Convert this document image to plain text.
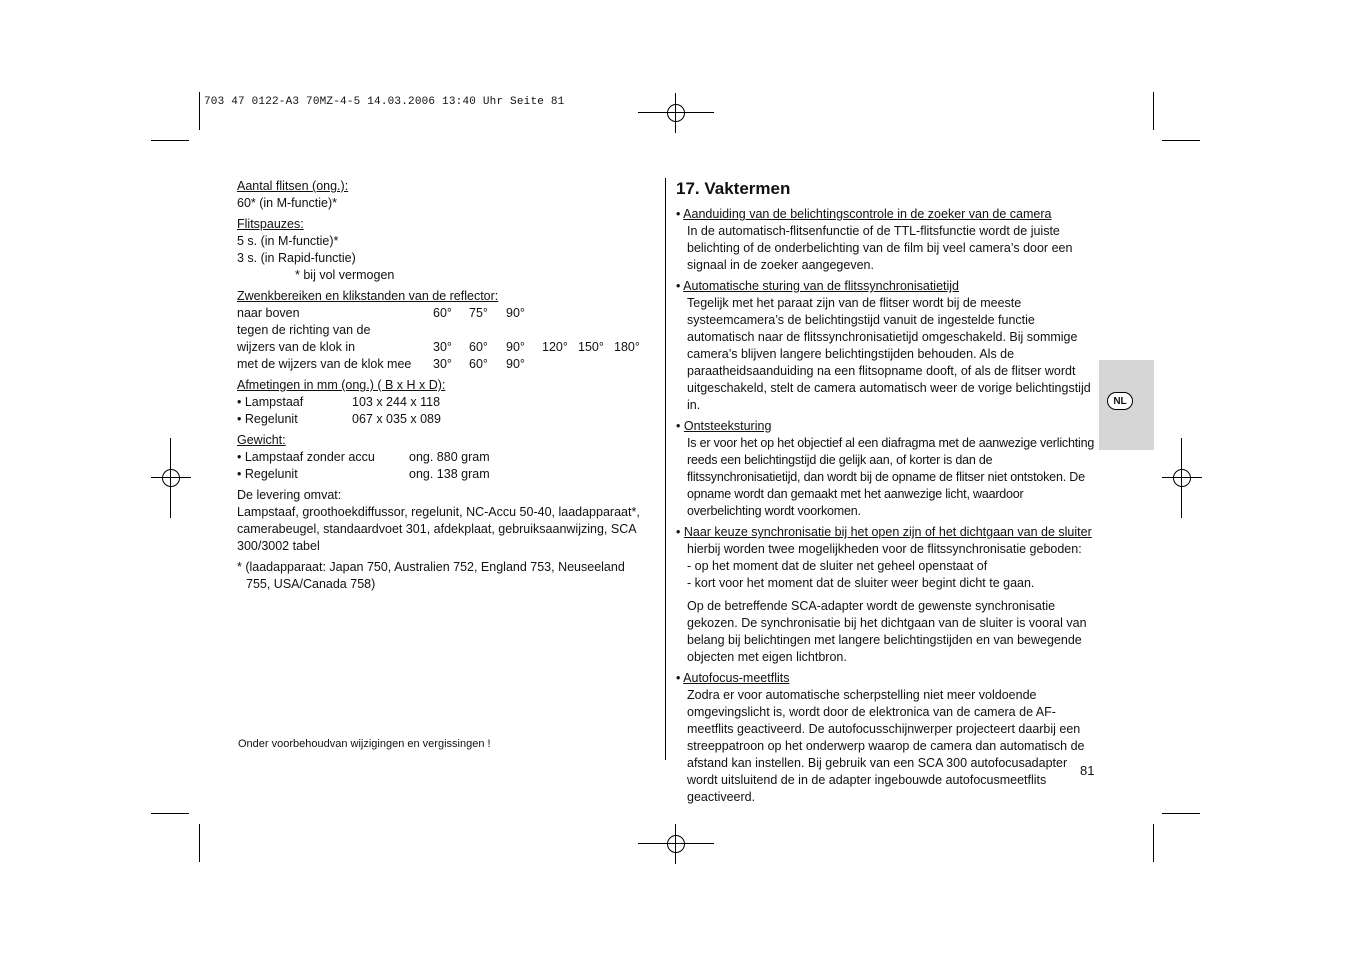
703 47 0122-A3 70MZ-4-5 14.03.2006 13:40 Uhr Seite 81
Aantal flitsen (ong.):
60* (in M-functie)*
Flitspauzes:
5 s. (in M-functie)*
3 s. (in Rapid-functie)
* bij vol vermogen
Zwenkbereiken en klikstanden van de reflector:
naar boven	60°	75°	90°
tegen de richting van de
wijzers van de klok in	30°	60°	90°	120° 150° 180°
met de wijzers van de klok mee	30°	60°	90°
Afmetingen in mm (ong.) ( B x H x D):
• Lampstaaf	103 x 244 x 118
• Regelunit	067 x 035 x 089
Gewicht:
• Lampstaaf zonder accu	ong. 880 gram
• Regelunit	ong. 138 gram
De levering omvat:
Lampstaaf, groothoekdiffussor, regelunit, NC-Accu 50-40, laadapparaat*, camerabeugel, standaardvoet 301, afdekplaat, gebruiksaanwijzing, SCA 300/3002 tabel
* (laadapparaat: Japan 750, Australien 752, England 753, Neuseeland 755, USA/Canada 758)
Onder voorbehoudvan wijzigingen en vergissingen !
17. Vaktermen
• Aanduiding van de belichtingscontrole in de zoeker van de camera
In de automatisch-flitsenfunctie of de TTL-flitsfunctie wordt de juiste belichting of de onderbelichting van de film bij veel camera’s door een signaal in de zoeker aangegeven.
• Automatische sturing van de flitssynchronisatietijd
Tegelijk met het paraat zijn van de flitser wordt bij de meeste systeemcamera’s de belichtingstijd vanuit de ingestelde functie automatisch naar de flitssynchronisatietijd omgeschakeld. Bij sommige camera’s blijven langere belichtingstijden behouden. Als de paraatheidsaanduiding na een flitsopname dooft, of als de flitser wordt uitgeschakeld, stelt de camera automatisch weer de vorige belichtingstijd in.
• Ontsteeksturing
Is er voor het op het objectief al een diafragma met de aanwezige verlichting reeds een belichtingstijd die gelijk aan, of korter is dan de flitssynchronisatietijd, dan wordt bij de opname de flitser niet ontstoken. De opname wordt dan gemaakt met het aanwezige licht, waardoor overbelichting wordt voorkomen.
• Naar keuze synchronisatie bij het open zijn of het dichtgaan van de sluiter
hierbij worden twee mogelijkheden voor de flitssynchronisatie geboden:
- op het moment dat de sluiter net geheel openstaat of
- kort voor het moment dat de sluiter weer begint dicht te gaan.
Op de betreffende SCA-adapter wordt de gewenste synchronisatie gekozen. De synchronisatie bij het dichtgaan van de sluiter is vooral van belang bij belichtingen met langere belichtingstijden en van bewegende objecten met eigen lichtbron.
• Autofocus-meetflits
Zodra er voor automatische scherpstelling niet meer voldoende omgevingslicht is, wordt door de elektronica van de camera de AF-meetflits geactiveerd. De autofocusschijnwerper projecteert daarbij een streeppatroon op het onderwerp waarop de camera dan automatisch de afstand kan instellen. Bij gebruik van een SCA 300 autofocusadapter wordt uitsluitend de in de adapter ingebouwde autofocusmeetflits geactiveerd.
81
NL
